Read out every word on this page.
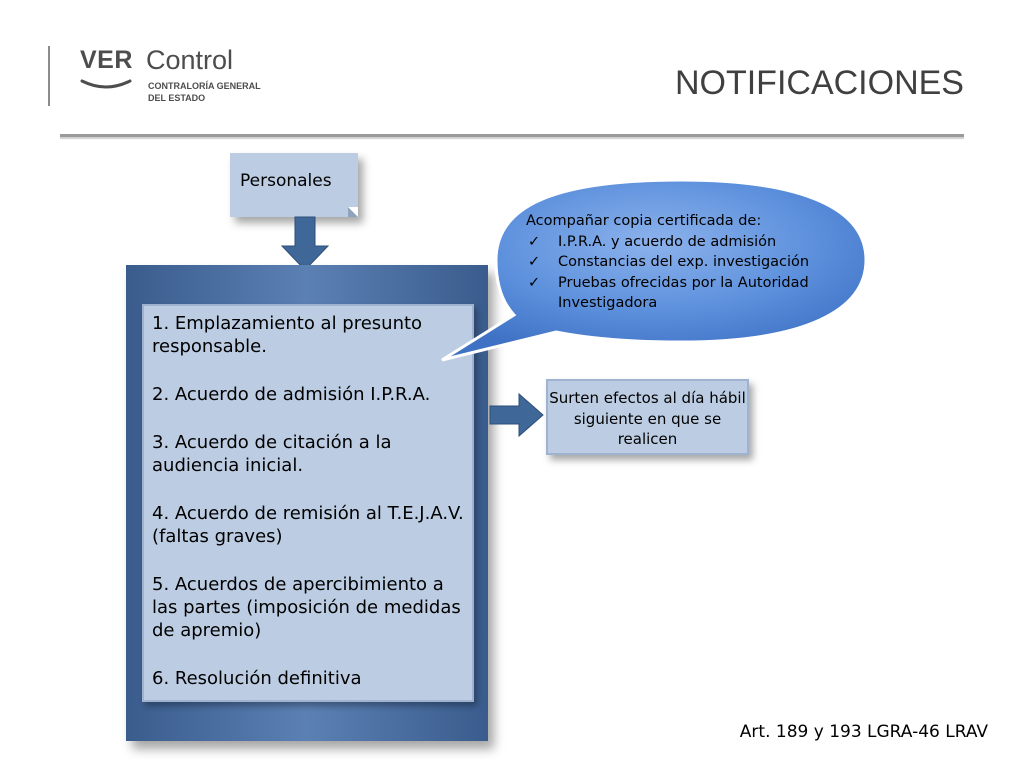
VER Control
CONTRALORÍA GENERAL
DEL ESTADO	NOTIFICACIONES
Personales
1. Emplazamiento al presunto responsable.
2. Acuerdo de admisión I.P.R.A.
3. Acuerdo de citación a la audiencia inicial.
4. Acuerdo de remisión al T.E.J.A.V. (faltas graves)
5. Acuerdos de apercibimiento a las partes (imposición de medidas de apremio)
6. Resolución definitiva

Acompañar copia certificada de:

✓ I.P.R.A. y acuerdo de admisión
✓ Constancias del exp. investigación
✓ Pruebas ofrecidas por la Autoridad Investigadora
Surten efectos al día hábil siguiente en que se realicen
Art. 189 y 193 LGRA-46 LRAV
